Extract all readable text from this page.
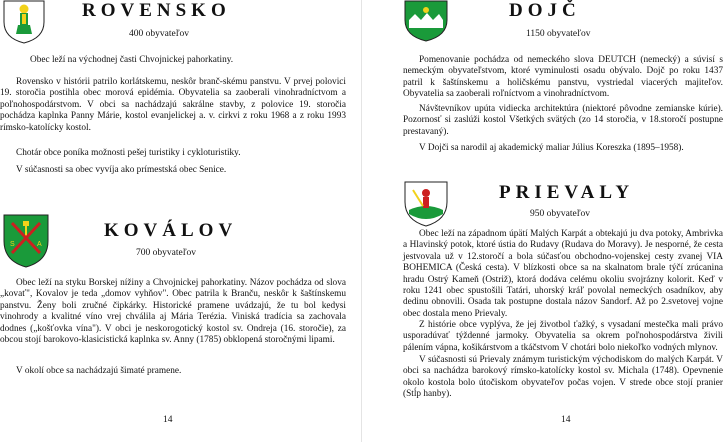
ROVENSKO
400 obyvateľov

Obec leží na východnej časti Chvojnickej pahorkatiny.

Rovensko v histórii patrilo korlátskemu, neskôr branč-skému panstvu. V prvej polovici 19. storočia postihla obec morová epidémia. Obyvatelia sa zaoberali vinohradníctvom a poľnohospodárstvom. V obci sa nachádzajú sakrálne stavby, z polovice 19. storočia pochádza kaplnka Panny Márie, kostol evanjelickej a. v. cirkvi z roku 1968 a z roku 1993 rímsko-katolícky kostol.

Chotár obce poníka možnosti pešej turistiky i cykloturistiky.

V súčasnosti sa obec vyvíja ako prímestská obec Senice.

S	A
KOVÁLOV
700 obyvateľov

Obec leží na styku Borskej nížiny a Chvojnickej pahorkatiny. Názov pochádza od slova „kovať", Kovalov je teda „domov vyhňov". Obec patrila k Branču, neskôr k šaštínskemu panstvu. Ženy boli zručné čipkárky. Historické pramene uvádzajú, že tu bol kedysi vinohrody a kvalitné víno vrej chválila aj Mária Terézia. Viniská tradícia sa zachovala dodnes („košťovka vína"). V obci je neskorogotický kostol sv. Ondreja (16. storočie), za obcou stojí barokovo-klasicistická kaplnka sv. Anny (1785) obklopená storočnými lipami.

V okolí obce sa nachádzajú šimaté pramene.

14
DOJČ
1150 obyvateľov

Pomenovanie pochádza od nemeckého slova DEUTCH (nemecký) a súvisí s nemeckým obyvateľstvom, ktoré vyminulosti osadu obývalo. Dojč po roku 1437 patril k šaštínskemu a holičskému panstvu, vystriedal viacerých majiteľov. Obyvatelia sa zaoberali roľníctvom a vinohradníctvom.

Návštevníkov upúta vidiecka architektúra (niektoré pôvodne zemianske kúrie). Pozornosť si zaslúži kostol Všetkých svätých (zo 14 storočia, v 18.storočí postupne prestavaný).

V Dojči sa narodil aj akademický maliar Július Koreszka (1895–1958).

PRIEVALY
950 obyvateľov

Obec leží na západnom úpätí Malých Karpát a obtekajú ju dva potoky, Ambrivka a Hlavinský potok, ktoré ústia do Rudavy (Rudava do Moravy). Je nesporné, že cesta jestvovala už v 12.storočí a bola súčasťou obchodno-vojenskej cesty zvanej VIA BOHEMICA (Česká cesta). V blízkosti obce sa na skalnatom brale týčí zrúcanina hradu Ostrý Kameň (Ostriž), ktorá dodáva celému okoliu svojrázny kolorit. Keď v roku 1241 obec spustošili Tatári, uhorský kráľ povolal nemeckých osadníkov, aby dedinu obnovili. Osada tak postupne dostala názov Sandorf. Až po 2.svetovej vojne obec dostala meno Prievaly.

Z histórie obce vyplýva, že jej životbol ťažký, s vysadaní mestečka mali právo usporadúvať týždenné jarmoky. Obyvatelia sa okrem poľnohospodárstva živili pálením vápna, košikárstvom a tkáčstvom V chotári bolo niekoľko vodných mlynov.

V súčasnosti sú Prievaly známym turistickým východiskom do malých Karpát. V obci sa nachádza barokový rímsko-katolícky kostol sv. Michala (1748). Opevnenie okolo kostola bolo útočiskom obyvateľov počas vojen. V strede obce stojí pranier (Stĺp hanby).

14
